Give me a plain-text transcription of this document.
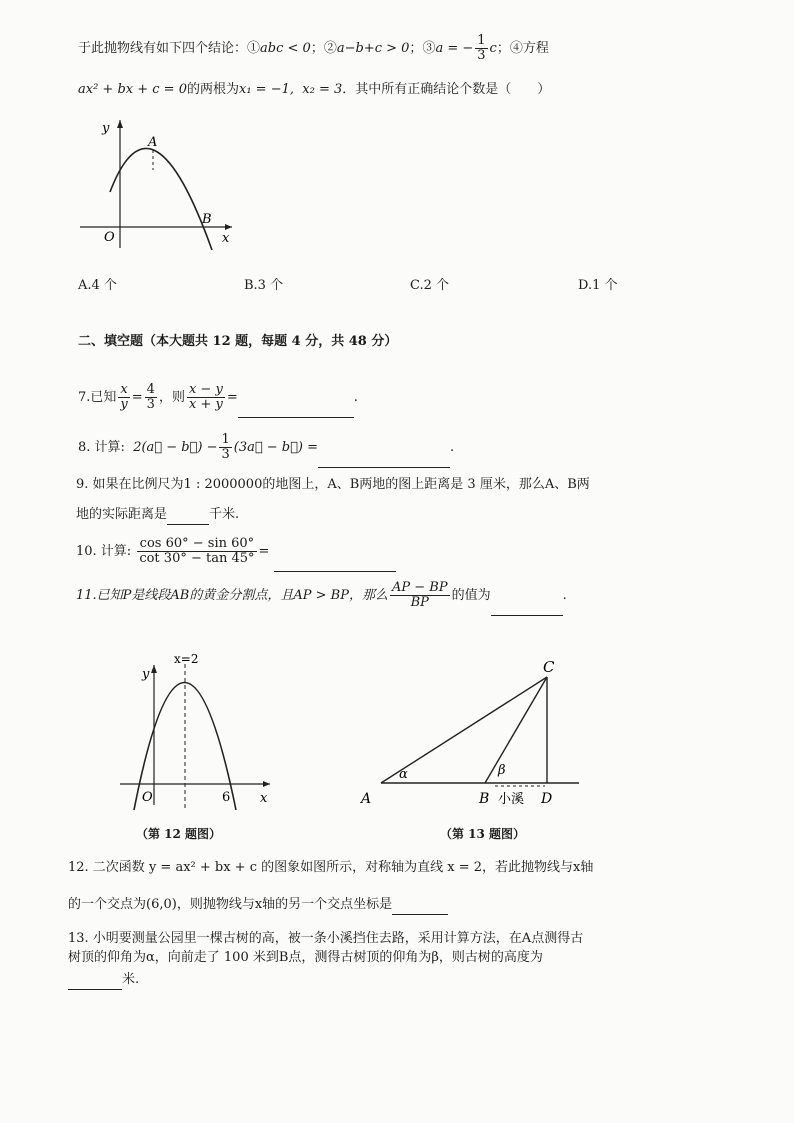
于此抛物线有如下四个结论：①abc < 0；②a−b+c > 0；③a = − $\frac{1}{3}$ c；④方程
ax² + bx + c = 0的两根为x₁ = −1, x₂ = 3．其中所有正确结论个数是（　　）
A
B
O	x
y
A.4 个	B.3 个	C.2 个	D.1 个
二、填空题（本大题共 12 题，每题 4 分，共 48 分）
7.已知 $\frac{x}{y} = \frac{4}{3}$ ，则 $\frac{x - y}{x + y}$ =	.
8. 计算: 2(a⃗ − b⃗) − $\frac{1}{3}$ (3a⃗ − b⃗) =	.
9. 如果在比例尺为1 : 2000000的地图上，A、B两地的图上距离是 3 厘米，那么A、B两
地的实际距离是	千米.
10. 计算: $\frac{\cos 60^\circ - \sin 60^\circ}{\cot 30^\circ - \tan 45^\circ}$ =
11.已知P是线段AB的黄金分割点，且AP > BP，那么 $\frac{AP - BP}{BP}$ 的值为	.
x=2
y
x
O	6
（第 12 题图）
C
A	B	D
α	β
小溪
（第 13 题图）
12. 二次函数 y = ax² + bx + c 的图象如图所示，对称轴为直线 x = 2，若此抛物线与x轴
的一个交点为(6,0)，则抛物线与x轴的另一个交点坐标是
13. 小明要测量公园里一棵古树的高，被一条小溪挡住去路，采用计算方法，在A点测得古
树顶的仰角为α，向前走了 100 米到B点，测得古树顶的仰角为β，则古树的高度为
米.
